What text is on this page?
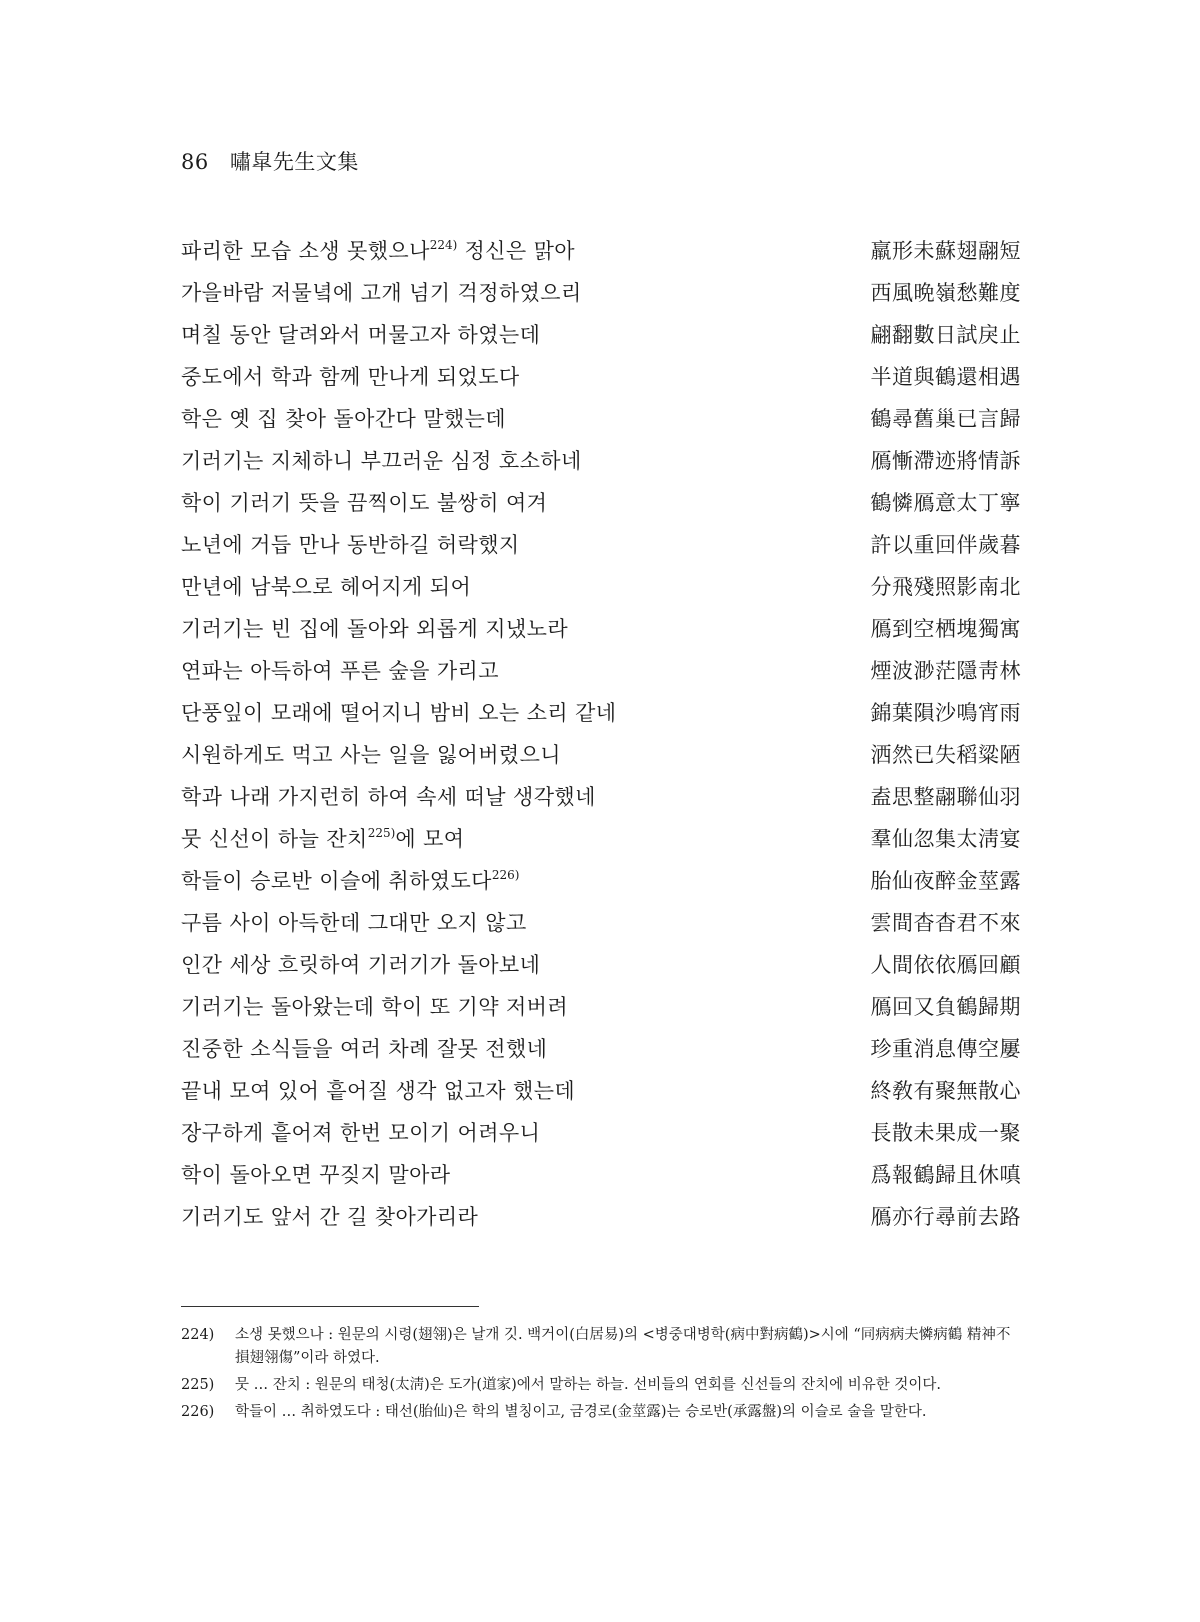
86 嘯皐先生文集
파리한 모습 소생 못했으나$^{224)}$ 정신은 맑아	羸形未蘇翅翮短
가을바람 저물녘에 고개 넘기 걱정하였으리	西風晩嶺愁難度
며칠 동안 달려와서 머물고자 하였는데	翩翻數日試戾止
중도에서 학과 함께 만나게 되었도다	半道與鶴還相遇
학은 옛 집 찾아 돌아간다 말했는데	鶴尋舊巢已言歸
기러기는 지체하니 부끄러운 심정 호소하네	鴈慚滯迹將情訴
학이 기러기 뜻을 끔찍이도 불쌍히 여겨	鶴憐鴈意太丁寧
노년에 거듭 만나 동반하길 허락했지	許以重回伴歲暮
만년에 남북으로 헤어지게 되어	分飛殘照影南北
기러기는 빈 집에 돌아와 외롭게 지냈노라	鴈到空栖塊獨寓
연파는 아득하여 푸른 숲을 가리고	煙波渺茫隱靑林
단풍잎이 모래에 떨어지니 밤비 오는 소리 같네	錦葉隕沙鳴宵雨
시원하게도 먹고 사는 일을 잃어버렸으니	洒然已失稻粱陋
학과 나래 가지런히 하여 속세 떠날 생각했네	盍思整翮聯仙羽
뭇 신선이 하늘 잔치$^{225)}$에 모여	羣仙忽集太淸宴
학들이 승로반 이슬에 취하였도다$^{226)}$	胎仙夜醉金莖露
구름 사이 아득한데 그대만 오지 않고	雲間杳杳君不來
인간 세상 흐릿하여 기러기가 돌아보네	人間依依鴈回顧
기러기는 돌아왔는데 학이 또 기약 저버려	鴈回又負鶴歸期
진중한 소식들을 여러 차례 잘못 전했네	珍重消息傳空屢
끝내 모여 있어 흩어질 생각 없고자 했는데	終敎有聚無散心
장구하게 흩어져 한번 모이기 어려우니	長散未果成一聚
학이 돌아오면 꾸짖지 말아라	爲報鶴歸且休嗔
기러기도 앞서 간 길 찾아가리라	鴈亦行尋前去路
224)	소생 못했으나 : 원문의 시령(翅翎)은 날개 깃. 백거이(白居易)의 <병중대병학(病中對病鶴)>시에 “同病病夫憐病鶴 精神不損翅翎傷”이라 하였다.
225)	뭇 … 잔치 : 원문의 태청(太淸)은 도가(道家)에서 말하는 하늘. 선비들의 연회를 신선들의 잔치에 비유한 것이다.
226)	학들이 … 취하였도다 : 태선(胎仙)은 학의 별칭이고, 금경로(金莖露)는 승로반(承露盤)의 이슬로 술을 말한다.
